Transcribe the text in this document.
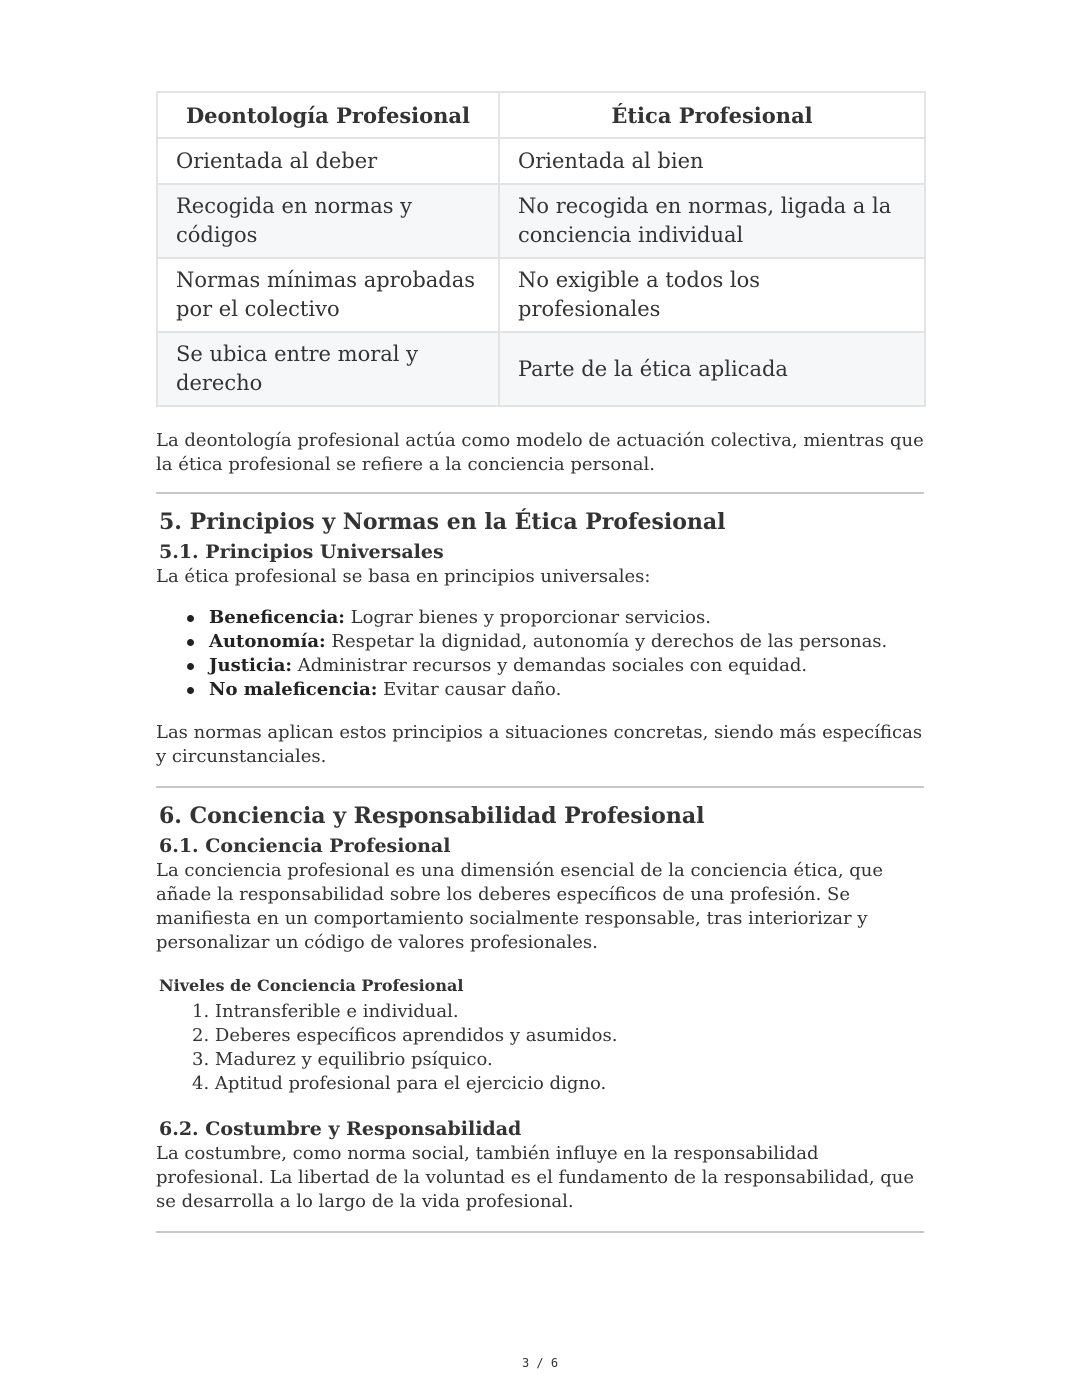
Deontología Profesional	Ética Profesional
Orientada al deber	Orientada al bien
Recogida en normas y códigos	No recogida en normas, ligada a la conciencia individual
Normas mínimas aprobadas por el colectivo	No exigible a todos los profesionales
Se ubica entre moral y derecho	Parte de la ética aplicada

La deontología profesional actúa como modelo de actuación colectiva, mientras que la ética profesional se refiere a la conciencia personal.

5. Principios y Normas en la Ética Profesional
5.1. Principios Universales

La ética profesional se basa en principios universales:

Beneficencia: Lograr bienes y proporcionar servicios.
Autonomía: Respetar la dignidad, autonomía y derechos de las personas.
Justicia: Administrar recursos y demandas sociales con equidad.
No maleficencia: Evitar causar daño.

Las normas aplican estos principios a situaciones concretas, siendo más específicas y circunstanciales.

6. Conciencia y Responsabilidad Profesional
6.1. Conciencia Profesional

La conciencia profesional es una dimensión esencial de la conciencia ética, que añade la responsabilidad sobre los deberes específicos de una profesión. Se manifiesta en un comportamiento socialmente responsable, tras interiorizar y personalizar un código de valores profesionales.

Niveles de Conciencia Profesional
1. Intransferible e individual.
2. Deberes específicos aprendidos y asumidos.
3. Madurez y equilibrio psíquico.
4. Aptitud profesional para el ejercicio digno.
6.2. Costumbre y Responsabilidad

La costumbre, como norma social, también influye en la responsabilidad profesional. La libertad de la voluntad es el fundamento de la responsabilidad, que se desarrolla a lo largo de la vida profesional.

3 / 6
